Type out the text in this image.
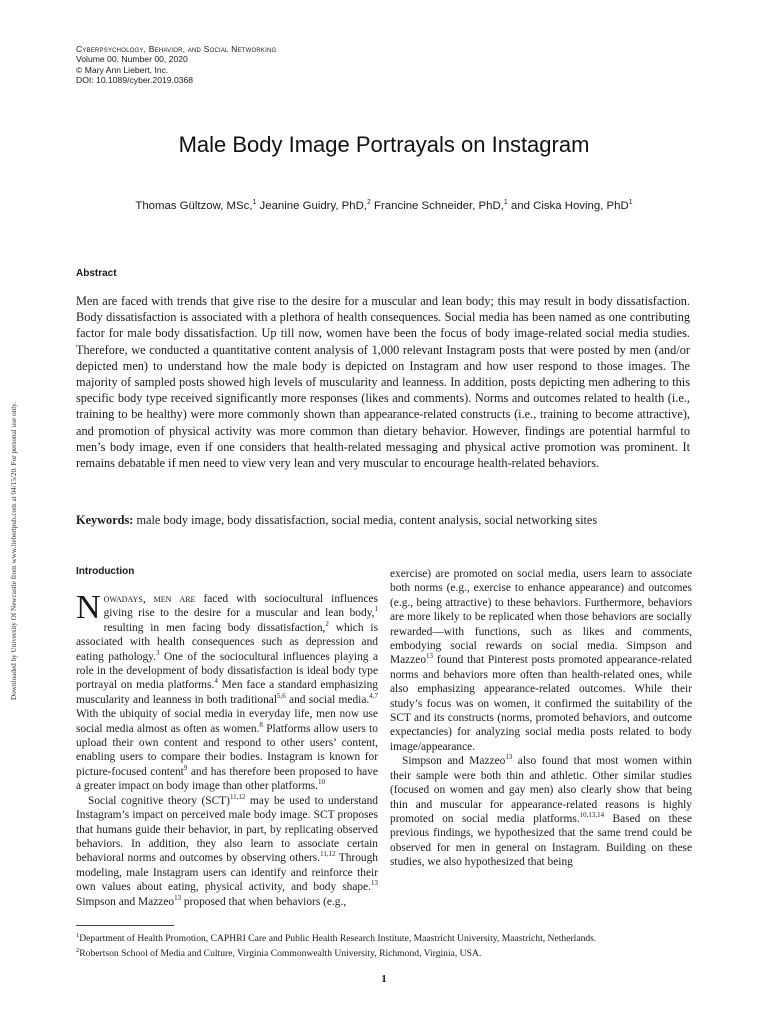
Downloaded by University Of Newcastle from www.liebertpub.com at 04/15/20. For personal use only.
Cyberpsychology, Behavior, and Social Networking
Volume 00, Number 00, 2020
© Mary Ann Liebert, Inc.
DOI: 10.1089/cyber.2019.0368
Male Body Image Portrayals on Instagram
Thomas Gültzow, MSc,$^1$ Jeanine Guidry, PhD,$^2$ Francine Schneider, PhD,$^1$ and Ciska Hoving, PhD$^1$
Abstract
Men are faced with trends that give rise to the desire for a muscular and lean body; this may result in body dissatisfaction. Body dissatisfaction is associated with a plethora of health consequences. Social media has been named as one contributing factor for male body dissatisfaction. Up till now, women have been the focus of body image-related social media studies. Therefore, we conducted a quantitative content analysis of 1,000 relevant Instagram posts that were posted by men (and/or depicted men) to understand how the male body is depicted on Instagram and how user respond to those images. The majority of sampled posts showed high levels of muscularity and leanness. In addition, posts depicting men adhering to this specific body type received significantly more responses (likes and comments). Norms and outcomes related to health (i.e., training to be healthy) were more commonly shown than appearance-related constructs (i.e., training to become attractive), and promotion of physical activity was more common than dietary behavior. However, findings are potential harmful to men’s body image, even if one considers that health-related messaging and physical active promotion was prominent. It remains debatable if men need to view very lean and very muscular to encourage health-related behaviors.
Keywords: male body image, body dissatisfaction, social media, content analysis, social networking sites
Introduction

Nowadays, men are faced with sociocultural influences giving rise to the desire for a muscular and lean body,$^1$ resulting in men facing body dissatisfaction,$^2$ which is associated with health consequences such as depression and eating pathology.$^3$ One of the sociocultural influences playing a role in the development of body dissatisfaction is ideal body type portrayal on media platforms.$^4$ Men face a standard emphasizing muscularity and leanness in both traditional$^{5,6}$ and social media.$^{4,7}$ With the ubiquity of social media in everyday life, men now use social media almost as often as women.$^8$ Platforms allow users to upload their own content and respond to other users’ content, enabling users to compare their bodies. Instagram is known for picture-focused content$^9$ and has therefore been proposed to have a greater impact on body image than other platforms.$^{10}$

Social cognitive theory (SCT)$^{11,12}$ may be used to understand Instagram’s impact on perceived male body image. SCT proposes that humans guide their behavior, in part, by replicating observed behaviors. In addition, they also learn to associate certain behavioral norms and outcomes by observing others.$^{11,12}$ Through modeling, male Instagram users can identify and reinforce their own values about eating, physical activity, and body shape.$^{13}$ Simpson and Mazzeo$^{13}$ proposed that when behaviors (e.g.,

exercise) are promoted on social media, users learn to associate both norms (e.g., exercise to enhance appearance) and outcomes (e.g., being attractive) to these behaviors. Furthermore, behaviors are more likely to be replicated when those behaviors are socially rewarded—with functions, such as likes and comments, embodying social rewards on social media. Simpson and Mazzeo$^{13}$ found that Pinterest posts promoted appearance-related norms and behaviors more often than health-related ones, while also emphasizing appearance-related outcomes. While their study’s focus was on women, it confirmed the suitability of the SCT and its constructs (norms, promoted behaviors, and outcome expectancies) for analyzing social media posts related to body image/appearance.

Simpson and Mazzeo$^{13}$ also found that most women within their sample were both thin and athletic. Other similar studies (focused on women and gay men) also clearly show that being thin and muscular for appearance-related reasons is highly promoted on social media platforms.$^{10,13,14}$ Based on these previous findings, we hypothesized that the same trend could be observed for men in general on Instagram. Building on these studies, we also hypothesized that being

$^1$Department of Health Promotion, CAPHRI Care and Public Health Research Institute, Maastricht University, Maastricht, Netherlands.
$^2$Robertson School of Media and Culture, Virginia Commonwealth University, Richmond, Virginia, USA.
1
